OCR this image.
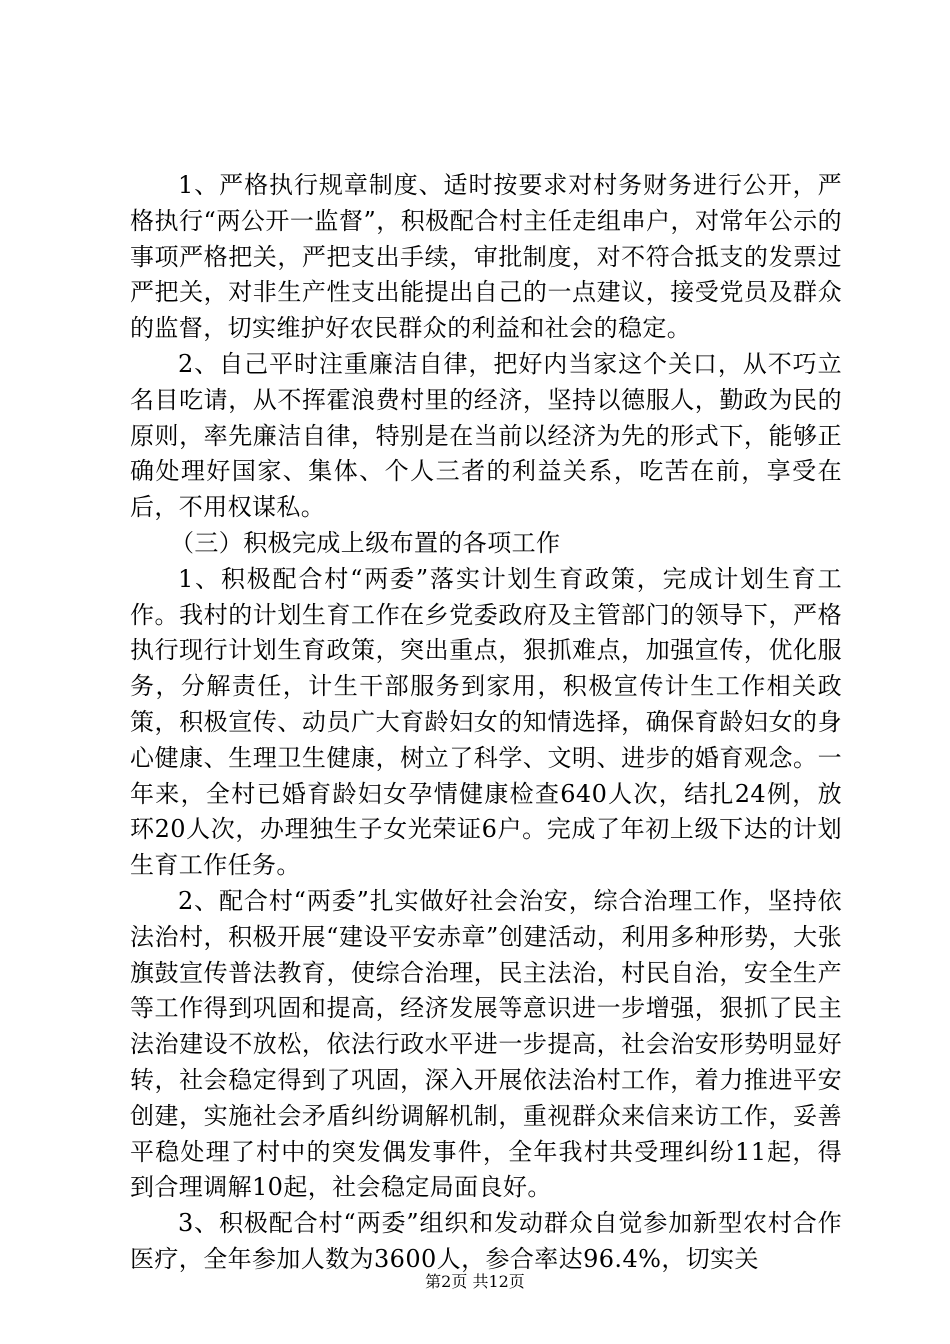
1、严格执行规章制度、适时按要求对村务财务进行公开，严格执行“两公开一监督”，积极配合村主任走组串户，对常年公示的事项严格把关，严把支出手续，审批制度，对不符合抵支的发票过严把关，对非生产性支出能提出自己的一点建议，接受党员及群众的监督，切实维护好农民群众的利益和社会的稳定。

2、自己平时注重廉洁自律，把好内当家这个关口，从不巧立名目吃请，从不挥霍浪费村里的经济，坚持以德服人，勤政为民的原则，率先廉洁自律，特别是在当前以经济为先的形式下，能够正确处理好国家、集体、个人三者的利益关系，吃苦在前，享受在后，不用权谋私。

（三）积极完成上级布置的各项工作

1、积极配合村“两委”落实计划生育政策，完成计划生育工作。我村的计划生育工作在乡党委政府及主管部门的领导下，严格执行现行计划生育政策，突出重点，狠抓难点，加强宣传，优化服务，分解责任，计生干部服务到家用，积极宣传计生工作相关政策，积极宣传、动员广大育龄妇女的知情选择，确保育龄妇女的身心健康、生理卫生健康，树立了科学、文明、进步的婚育观念。一年来，全村已婚育龄妇女孕情健康检查640人次，结扎24例，放环20人次，办理独生子女光荣证6户。完成了年初上级下达的计划生育工作任务。

2、配合村“两委”扎实做好社会治安，综合治理工作，坚持依法治村，积极开展“建设平安赤章”创建活动，利用多种形势，大张旗鼓宣传普法教育，使综合治理，民主法治，村民自治，安全生产等工作得到巩固和提高，经济发展等意识进一步增强，狠抓了民主法治建设不放松，依法行政水平进一步提高，社会治安形势明显好转，社会稳定得到了巩固，深入开展依法治村工作，着力推进平安创建，实施社会矛盾纠纷调解机制，重视群众来信来访工作，妥善平稳处理了村中的突发偶发事件，全年我村共受理纠纷11起，得到合理调解10起，社会稳定局面良好。

3、积极配合村“两委”组织和发动群众自觉参加新型农村合作医疗，全年参加人数为3600人，参合率达96.4%，切实关

第2页 共12页
